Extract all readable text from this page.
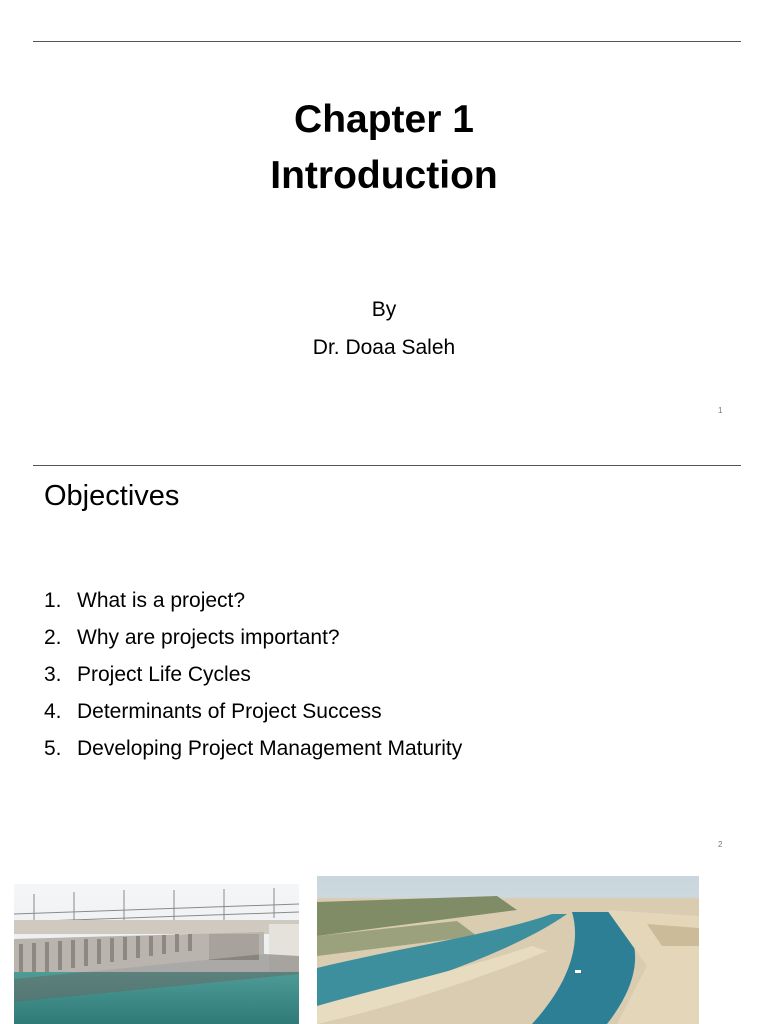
Chapter 1
Introduction
By
Dr. Doaa Saleh
1
Objectives
1. What is a project?
2. Why are projects important?
3. Project Life Cycles
4. Determinants of Project Success
5. Developing Project Management Maturity
2
